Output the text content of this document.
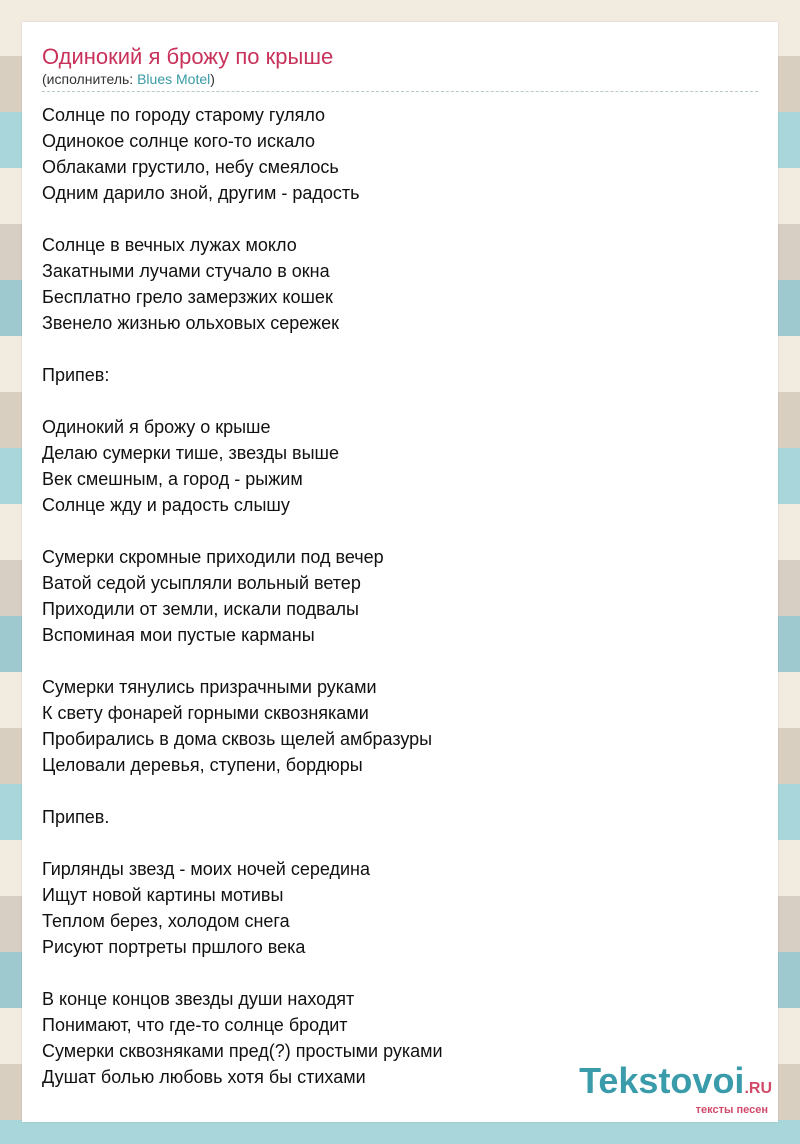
Одинокий я брожу по крыше
(исполнитель: Blues Motel)
Солнце по городу старому гуляло
Одинокое солнце кого-то искало
Облаками грустило, небу смеялось
Одним дарило зной, другим - радость
Солнце в вечных лужах мокло
Закатными лучами стучало в окна
Бесплатно грело замерзжих кошек
Звенело жизнью ольховых сережек
Припев:
Одинокий я брожу о крыше
Делаю сумерки тише, звезды выше
Век смешным, а город - рыжим
Солнце жду и радость слышу
Сумерки скромные приходили под вечер
Ватой седой усыпляли вольный ветер
Приходили от земли, искали подвалы
Вспоминая мои пустые карманы
Сумерки тянулись призрачными руками
К свету фонарей горными сквозняками
Пробирались в дома сквозь щелей амбразуры
Целовали деревья, ступени, бордюры
Припев.
Гирлянды звезд - моих ночей середина
Ищут новой картины мотивы
Теплом берез, холодом снега
Рисуют портреты пршлого века
В конце концов звезды души находят
Понимают, что где-то солнце бродит
Сумерки сквозняками пред(?) простыми руками
Душат болью любовь хотя бы стихами	Tekstovoi.RU
тексты песен
